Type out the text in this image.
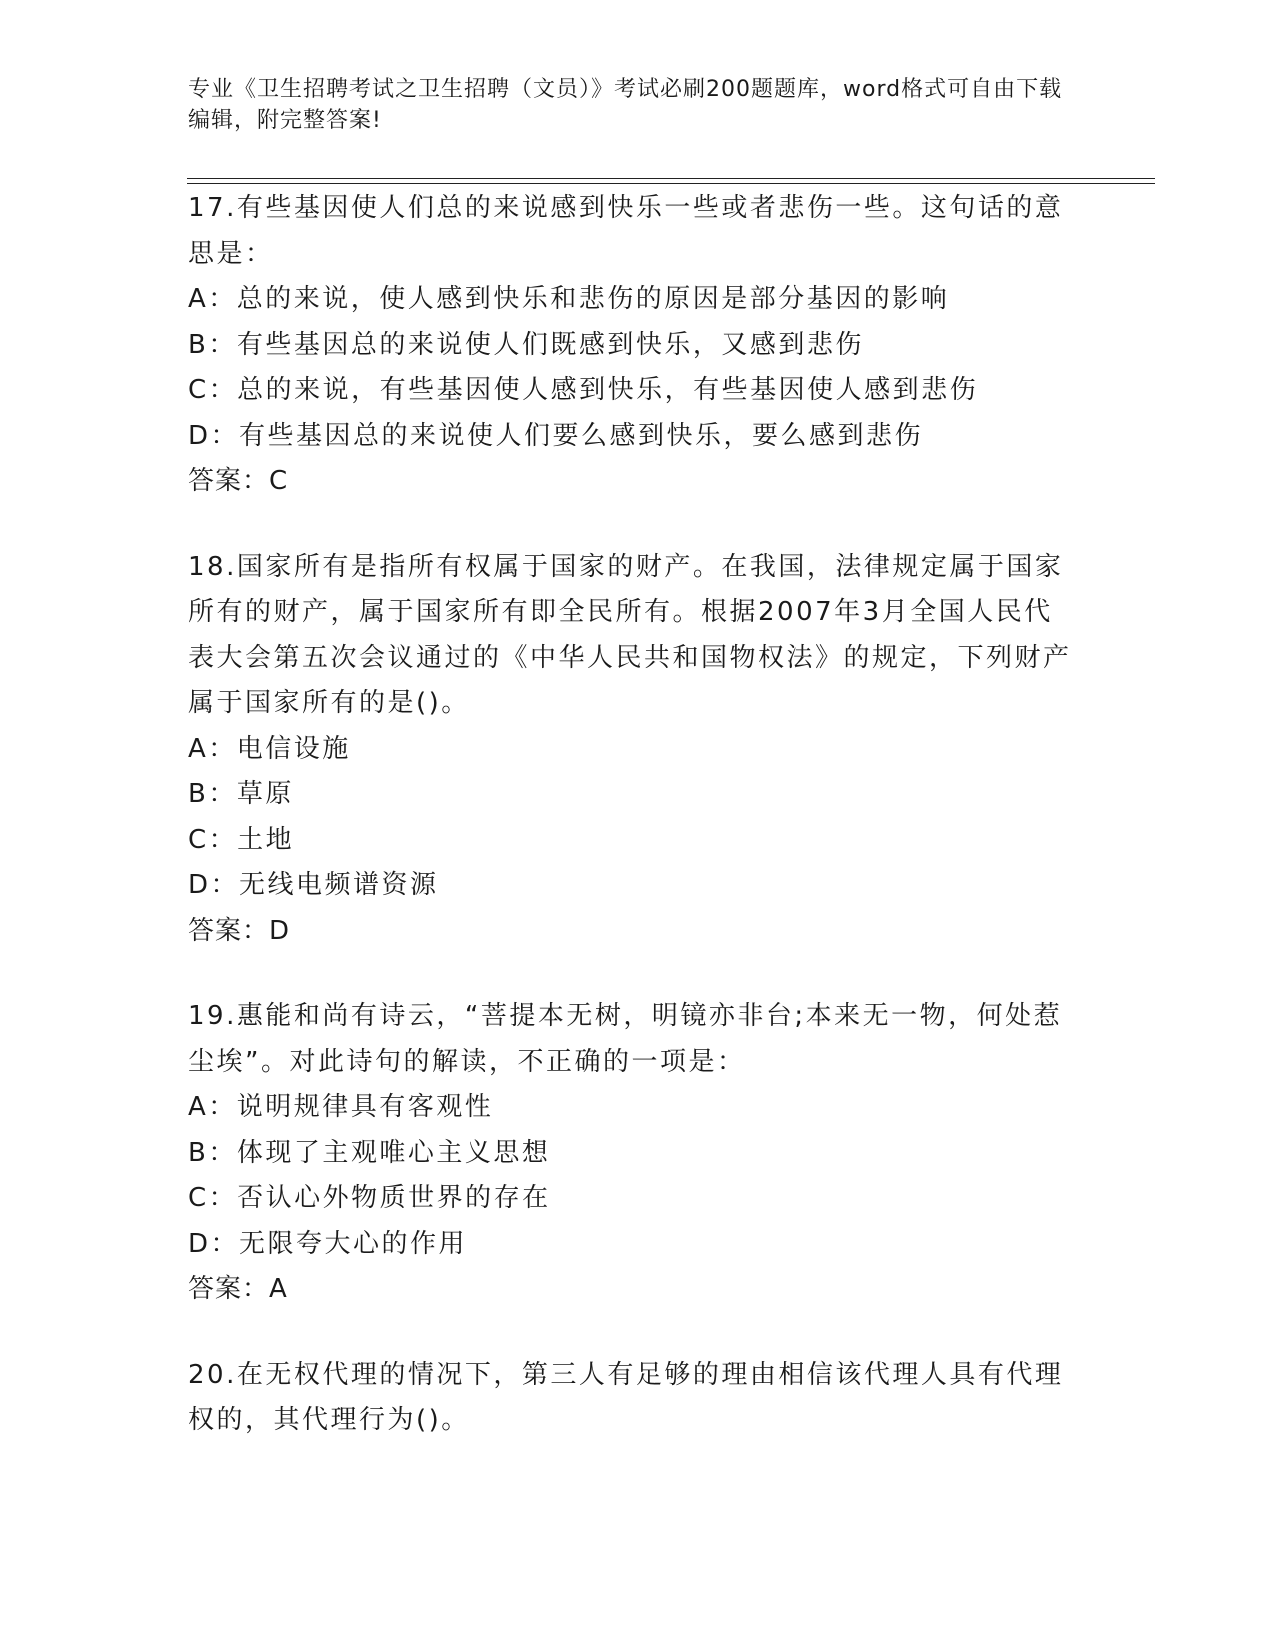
专业《卫生招聘考试之卫生招聘（文员）》考试必刷200题题库，word格式可自由下载编辑，附完整答案!

17.有些基因使人们总的来说感到快乐一些或者悲伤一些。这句话的意思是：

A：总的来说，使人感到快乐和悲伤的原因是部分基因的影响

B：有些基因总的来说使人们既感到快乐，又感到悲伤

C：总的来说，有些基因使人感到快乐，有些基因使人感到悲伤

D：有些基因总的来说使人们要么感到快乐，要么感到悲伤

答案：C

18.国家所有是指所有权属于国家的财产。在我国，法律规定属于国家所有的财产，属于国家所有即全民所有。根据2007年3月全国人民代表大会第五次会议通过的《中华人民共和国物权法》的规定，下列财产属于国家所有的是()。

A：电信设施

B：草原

C：土地

D：无线电频谱资源

答案：D

19.惠能和尚有诗云，“菩提本无树，明镜亦非台;本来无一物，何处惹尘埃”。对此诗句的解读，不正确的一项是：

A：说明规律具有客观性

B：体现了主观唯心主义思想

C：否认心外物质世界的存在

D：无限夸大心的作用

答案：A

20.在无权代理的情况下，第三人有足够的理由相信该代理人具有代理权的，其代理行为()。
